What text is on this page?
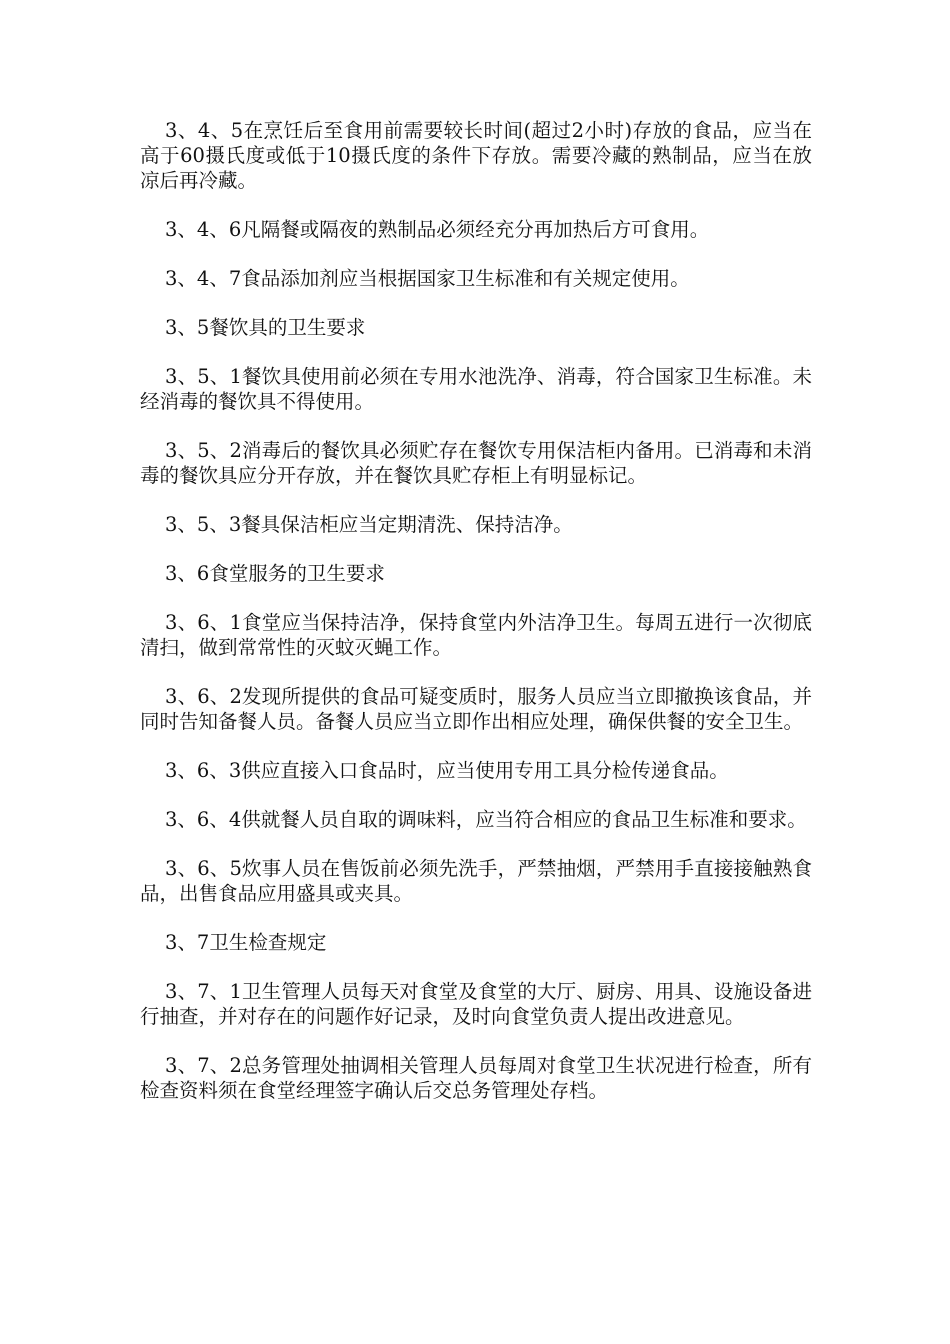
3、4、5在烹饪后至食用前需要较长时间(超过2小时)存放的食品，应当在高于60摄氏度或低于10摄氏度的条件下存放。需要冷藏的熟制品，应当在放凉后再冷藏。

3、4、6凡隔餐或隔夜的熟制品必须经充分再加热后方可食用。

3、4、7食品添加剂应当根据国家卫生标准和有关规定使用。

3、5餐饮具的卫生要求

3、5、1餐饮具使用前必须在专用水池洗净、消毒，符合国家卫生标准。未经消毒的餐饮具不得使用。

3、5、2消毒后的餐饮具必须贮存在餐饮专用保洁柜内备用。已消毒和未消毒的餐饮具应分开存放，并在餐饮具贮存柜上有明显标记。

3、5、3餐具保洁柜应当定期清洗、保持洁净。

3、6食堂服务的卫生要求

3、6、1食堂应当保持洁净，保持食堂内外洁净卫生。每周五进行一次彻底清扫，做到常常性的灭蚊灭蝇工作。

3、6、2发现所提供的食品可疑变质时，服务人员应当立即撤换该食品，并同时告知备餐人员。备餐人员应当立即作出相应处理，确保供餐的安全卫生。

3、6、3供应直接入口食品时，应当使用专用工具分检传递食品。

3、6、4供就餐人员自取的调味料，应当符合相应的食品卫生标准和要求。

3、6、5炊事人员在售饭前必须先洗手，严禁抽烟，严禁用手直接接触熟食品，出售食品应用盛具或夹具。

3、7卫生检查规定

3、7、1卫生管理人员每天对食堂及食堂的大厅、厨房、用具、设施设备进行抽查，并对存在的问题作好记录，及时向食堂负责人提出改进意见。

3、7、2总务管理处抽调相关管理人员每周对食堂卫生状况进行检查，所有检查资料须在食堂经理签字确认后交总务管理处存档。
